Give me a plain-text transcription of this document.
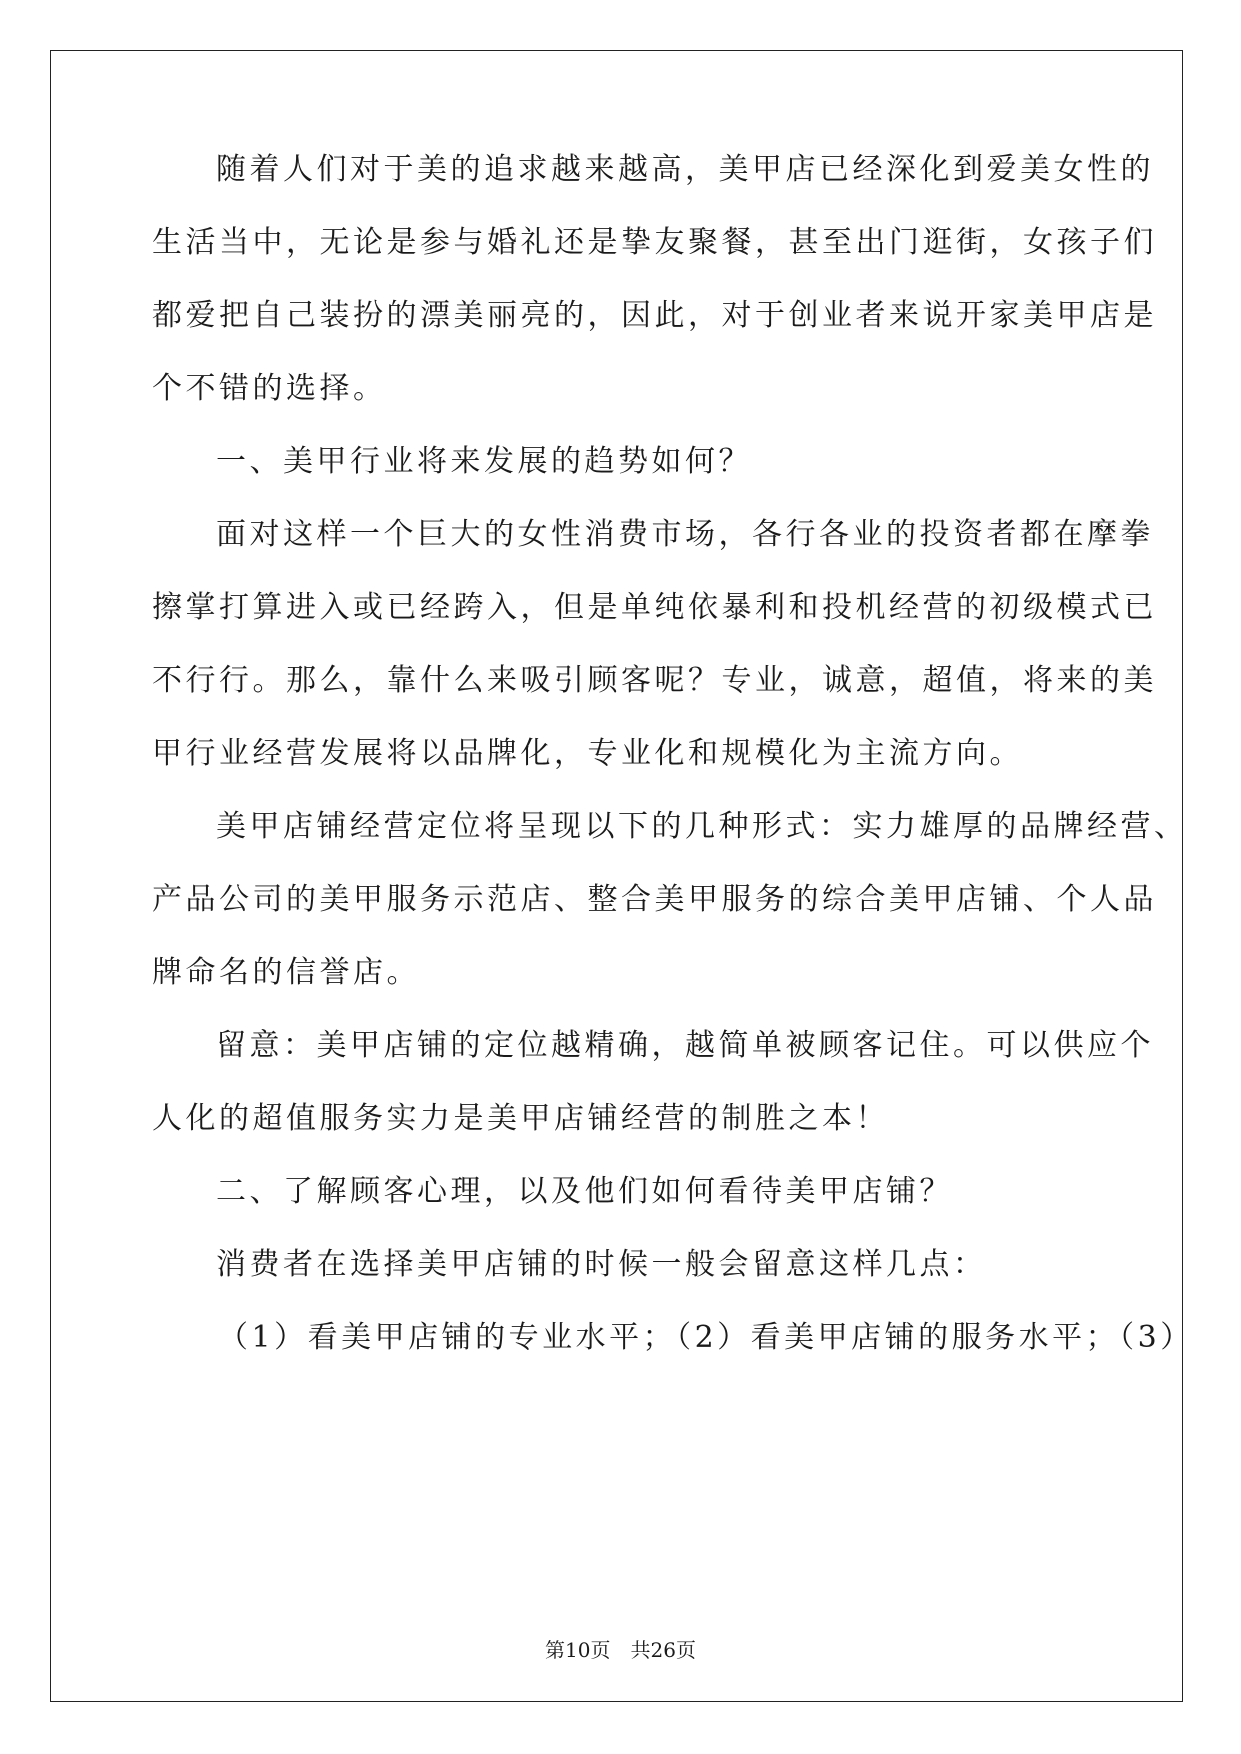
随着人们对于美的追求越来越高，美甲店已经深化到爱美女性的
生活当中，无论是参与婚礼还是挚友聚餐，甚至出门逛街，女孩子们
都爱把自己装扮的漂美丽亮的，因此，对于创业者来说开家美甲店是
个不错的选择。
一、美甲行业将来发展的趋势如何？
面对这样一个巨大的女性消费市场，各行各业的投资者都在摩拳
擦掌打算进入或已经跨入，但是单纯依暴利和投机经营的初级模式已
不行行。那么，靠什么来吸引顾客呢？专业，诚意，超值，将来的美
甲行业经营发展将以品牌化，专业化和规模化为主流方向。
美甲店铺经营定位将呈现以下的几种形式：实力雄厚的品牌经营、
产品公司的美甲服务示范店、整合美甲服务的综合美甲店铺、个人品
牌命名的信誉店。
留意：美甲店铺的定位越精确，越简单被顾客记住。可以供应个
人化的超值服务实力是美甲店铺经营的制胜之本！
二、了解顾客心理，以及他们如何看待美甲店铺？
消费者在选择美甲店铺的时候一般会留意这样几点：
（1）看美甲店铺的专业水平；（2）看美甲店铺的服务水平；（3）
第10页　共26页
